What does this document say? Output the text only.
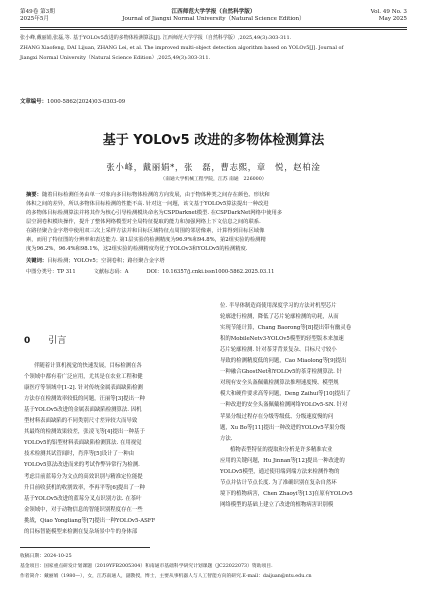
第49卷 第3期
2025年5月
江西师范大学学报（自然科学版）
Journal of Jiangxi Normal University（Natural Science Edition）
Vol. 49 No. 3
May 2025
张小峰,戴丽娟,张磊,等. 基于YOLOv5改进的多物体检测算法[J]. 江西师范大学学报（自然科学版）,2025,49(3):303-311.
ZHANG Xiaofeng, DAI Lijuan, ZHANG Lei, et al. The improved multi-object detection algorithm based on YOLOv5[J]. Journal of
Jiangxi Normal University（Natural Science Edition）,2025,49(3):303-311.
文章编号：1000-5862(2024)03-0303-09
基于 YOLOv5 改进的多物体检测算法
张小峰，戴丽娟*，张　磊，曹志熙，章　悦，赵柏淦
（南通大学机械工程学院，江苏 南通　226000）
摘要：随着目标检测任务由单一对象向多目标物体检测的方向发展，由于物体种类之间存在颜色、形状和
体积之间的差异，所以多物体目标检测的性能不高. 针对这一问题，该文基于YOLOv5算法提出一种改进
的多物体目标检测算法并将其作为核心引导检测模块命名为CSPDarknet模型. 在CSPDarkNet网络中使用多
层空洞卷积模块操作，提升了整体网络模型对全局特征提取的能力和加强网络上下文信息之间的联系.
在路径聚合金字塔中使用双三次上采样方法并和目标区域特征点周围的邻居像素，计算得到目标区域像
素，而用了特征图的分辨率和表达能力. 第1层实验的检测精度为96.9%和94.8%，第2组实验的检测精
度为96.2%、96.4%和98.1%，这2组实验的检测精度均优于YOLOv3和YOLOv5的检测精度.
关键词：目标检测；YOLOv5；空洞卷积；路径聚合金字塔
中图分类号：TP 311	文献标志码：A	DOI：10.16357/j.cnki.issn1000-5862.2025.03.11
0 引言
伴随着计算机视觉的快速发展，目标检测在各
个领域中都有着广泛应用，尤其是在农业工程和健
康医疗等领域中[1-2]. 针对传统金属表面缺陷检测
方法存在检测效率较低的问题，汪丽等[3]提出一种
基于YOLOv5改进的金属表面缺陷检测算法. 因机
型材料表面缺陷的不同类别尺寸差异较大而导致
其最终的检测效果较差，张凌飞等[4]提出一种基于
YOLOv5的铝型材料表面缺陷检测算法. 在用视觉
技术检测其试管闻时，肖萍等[5]设计了一种由
YOLOv5算法改进而来的考试作弊异常行为检测.
考虑目前蓝莓分为文点的高效识别与精准定位能提
升目前收获机的收割效率，李再平等[6]提出了一种
基于YOLOv5改进的蓝莓分叉点识别方法. 在茶叶
金领域中，对于动物信息的智能识别程度存在一些
挑战，Qiao Yongliang等[7]提出一种YOLOv5-ASFF
的目标智能模型来检测在复杂场景中牛的身体部
位. 半导体制造商使用深度学习的方法对机型芯片
轮廓进行检测，降低了芯片轮廓检测的功耗，从而
实现节能计算，Chang Baorong等[8]提出带有幽灵卷
积的MobileNetv3-YOLOv5模型的轻型版本来加速
芯片轮廓检测. 针对茶芽背景复杂、目标尺寸较小
导致的检测精度低的问题，Cao Miaolong等[9]提出
一种融合GhostNet和YOLOv5的茶芽检测算法. 针
对现有安全头盔佩戴检测算法推理速度慢、模型规
模大和硬件要求高等问题，Deng Zaihui等[10]提出了
一种改进的安全头盔佩戴检测网络YOLOv5-SN. 针对
苹果分级过程存在分级等级低、分级速度慢的问
题，Xu Bo等[11]提出一种改进的YOLOv5苹果分级
方法.
植物表型特征的提取和分析是许多精准农业
应用的关键问题，Hu Jinnan等[12]提出一种改进的
YOLOv5模型，通过使用端到端方法来检测作物的
节点并估计节点长度. 为了准确识别在复杂自然环
境下的植物病害，Chen Zhaoyi等[13]在原有YOLOv5
网络模型的基础上建立了改进的植物病害识别模
收稿日期：2024-10-25
基金项目：国家重点研发计划课题（2019YFB2005304）和南通市基础科学研究计划课题（JC22022073）资助项目.
作者简介：戴丽娟（1980—），女，江苏南通人，副教授，博士，主要从事机器人与人工智能方向的研究.E-mail：daijuan@ntu.edu.cn
